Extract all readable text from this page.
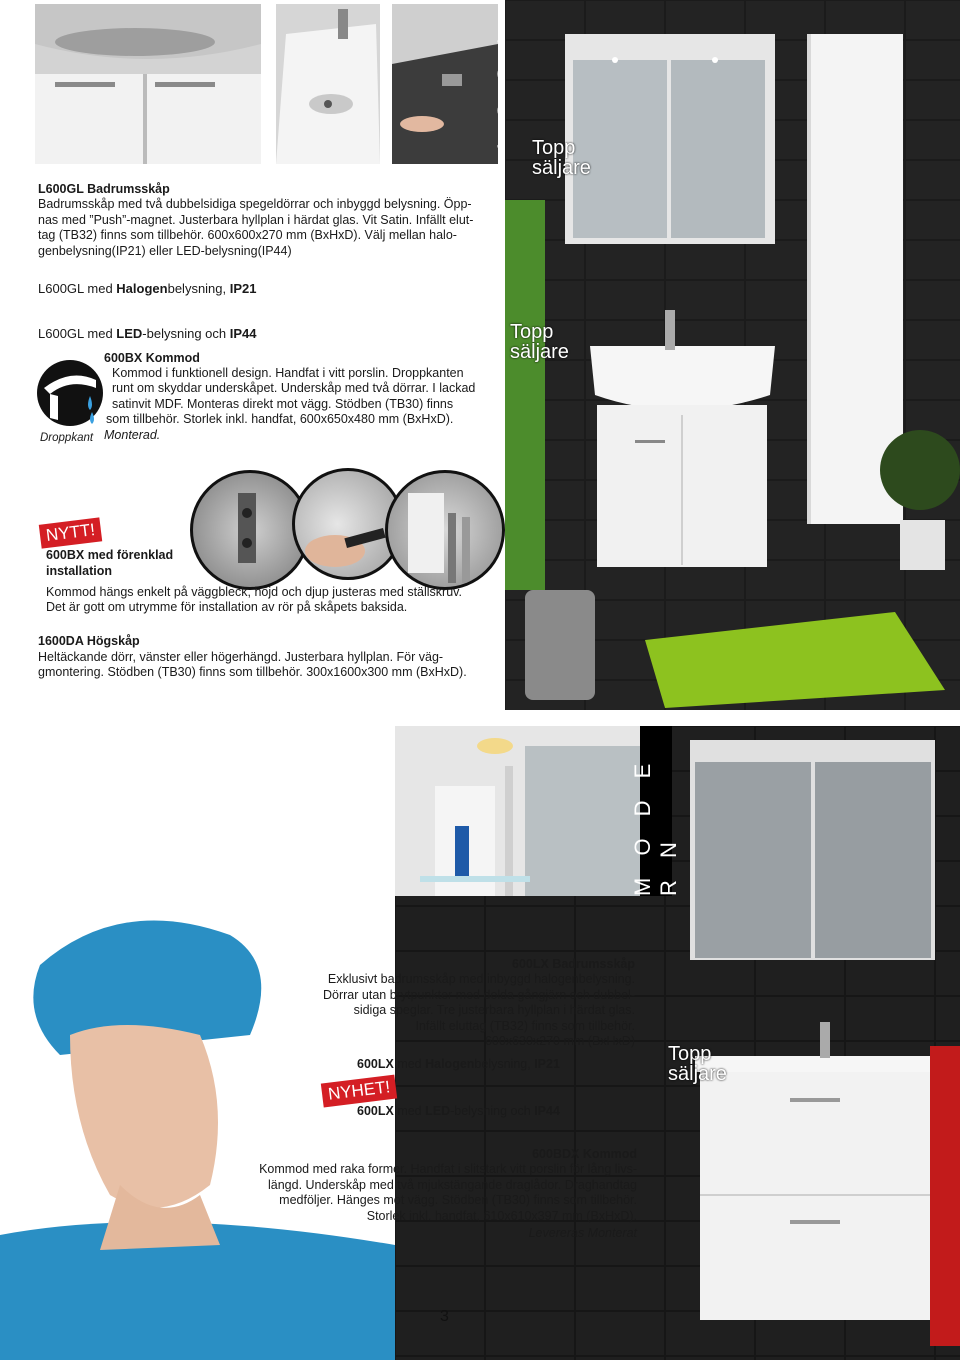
Topp
säljare
Topp
säljare
L600GL Badrumsskåp
Badrumsskåp med två dubbelsidiga spegeldörrar och inbyggd belysning. Öpp-
nas med ”Push”-magnet. Justerbara hyllplan i härdat glas. Vit Satin. Infällt elut-
tag (TB32) finns som tillbehör. 600x600x270 mm (BxHxD). Välj mellan halo-
genbelysning(IP21) eller LED-belysning(IP44)
L600GL med Halogenbelysning, IP21
L600GL med LED-belysning och IP44
Droppkant
600BX Kommod
Kommod i funktionell design. Handfat i vitt porslin. Droppkanten
runt om skyddar underskåpet. Underskåp med två dörrar. I lackad
satinvit MDF. Monteras direkt mot vägg. Stödben (TB30) finns
som tillbehör. Storlek inkl. handfat, 600x650x480 mm (BxHxD).
Monterad.
NYTT!
600BX med förenklad
installation
Kommod hängs enkelt på väggbleck, höjd och djup justeras med ställskruv.
Det är gott om utrymme för installation av rör på skåpets baksida.
1600DA Högskåp
Heltäckande dörr, vänster eller högerhängd. Justerbara hyllplan. För väg-
gmontering. Stödben (TB30) finns som tillbehör. 300x1600x300 mm (BxHxD).
M O D E R N
Topp
säljare
600LX Badrumsskåp
Exklusivt badrumsskåp med inbyggd halogenbelysning.
Dörrar utan brytpunkter med dolda gångjärn och dubbel-
sidiga speglar. Tre justerbara hyllplan i härdat glas.
Infällt eluttag (TB32) finns som tillbehör.
600x630x270 mm (BxHxD)
600LX med Halogenbelysning, IP21
NYHET!
600LX med LED-belysning och IP44
600BDX Kommod
Kommod med raka former. Handfat i slitstark vitt porslin för lång livs-
längd. Underskåp med två mjukstängande draglådor. Draghandtag
medföljer. Hänges mot vägg. Stödben (TB30) finns som tillbehör.
Storlek inkl. handfat, 610x610x397 mm (BxHxD).
Levereras Monterat
3
